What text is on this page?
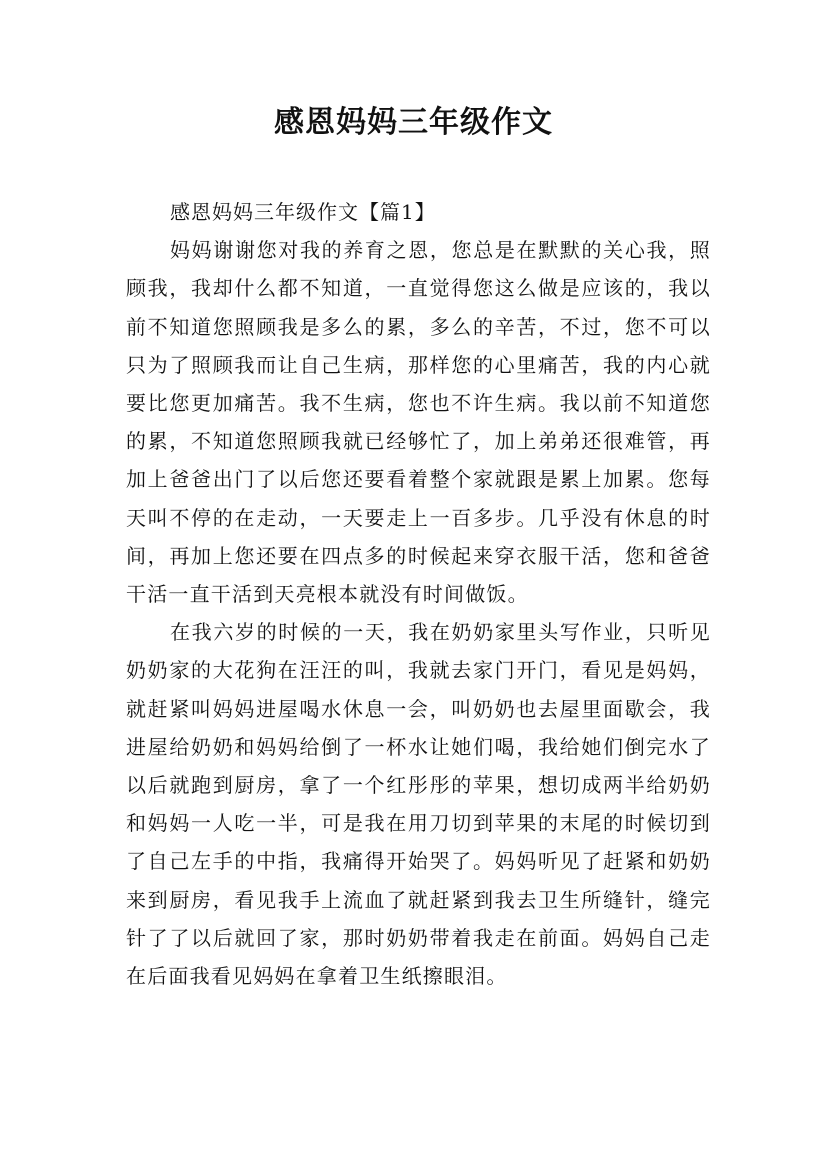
感恩妈妈三年级作文
感恩妈妈三年级作文【篇1】

妈妈谢谢您对我的养育之恩，您总是在默默的关心我，照顾我，我却什么都不知道，一直觉得您这么做是应该的，我以前不知道您照顾我是多么的累，多么的辛苦，不过，您不可以只为了照顾我而让自己生病，那样您的心里痛苦，我的内心就要比您更加痛苦。我不生病，您也不许生病。我以前不知道您的累，不知道您照顾我就已经够忙了，加上弟弟还很难管，再加上爸爸出门了以后您还要看着整个家就跟是累上加累。您每天叫不停的在走动，一天要走上一百多步。几乎没有休息的时间，再加上您还要在四点多的时候起来穿衣服干活，您和爸爸干活一直干活到天亮根本就没有时间做饭。

在我六岁的时候的一天，我在奶奶家里头写作业，只听见奶奶家的大花狗在汪汪的叫，我就去家门开门，看见是妈妈，就赶紧叫妈妈进屋喝水休息一会，叫奶奶也去屋里面歇会，我进屋给奶奶和妈妈给倒了一杯水让她们喝，我给她们倒完水了以后就跑到厨房，拿了一个红彤彤的苹果，想切成两半给奶奶和妈妈一人吃一半，可是我在用刀切到苹果的末尾的时候切到了自己左手的中指，我痛得开始哭了。妈妈听见了赶紧和奶奶来到厨房，看见我手上流血了就赶紧到我去卫生所缝针，缝完针了了以后就回了家，那时奶奶带着我走在前面。妈妈自己走在后面我看见妈妈在拿着卫生纸擦眼泪。
